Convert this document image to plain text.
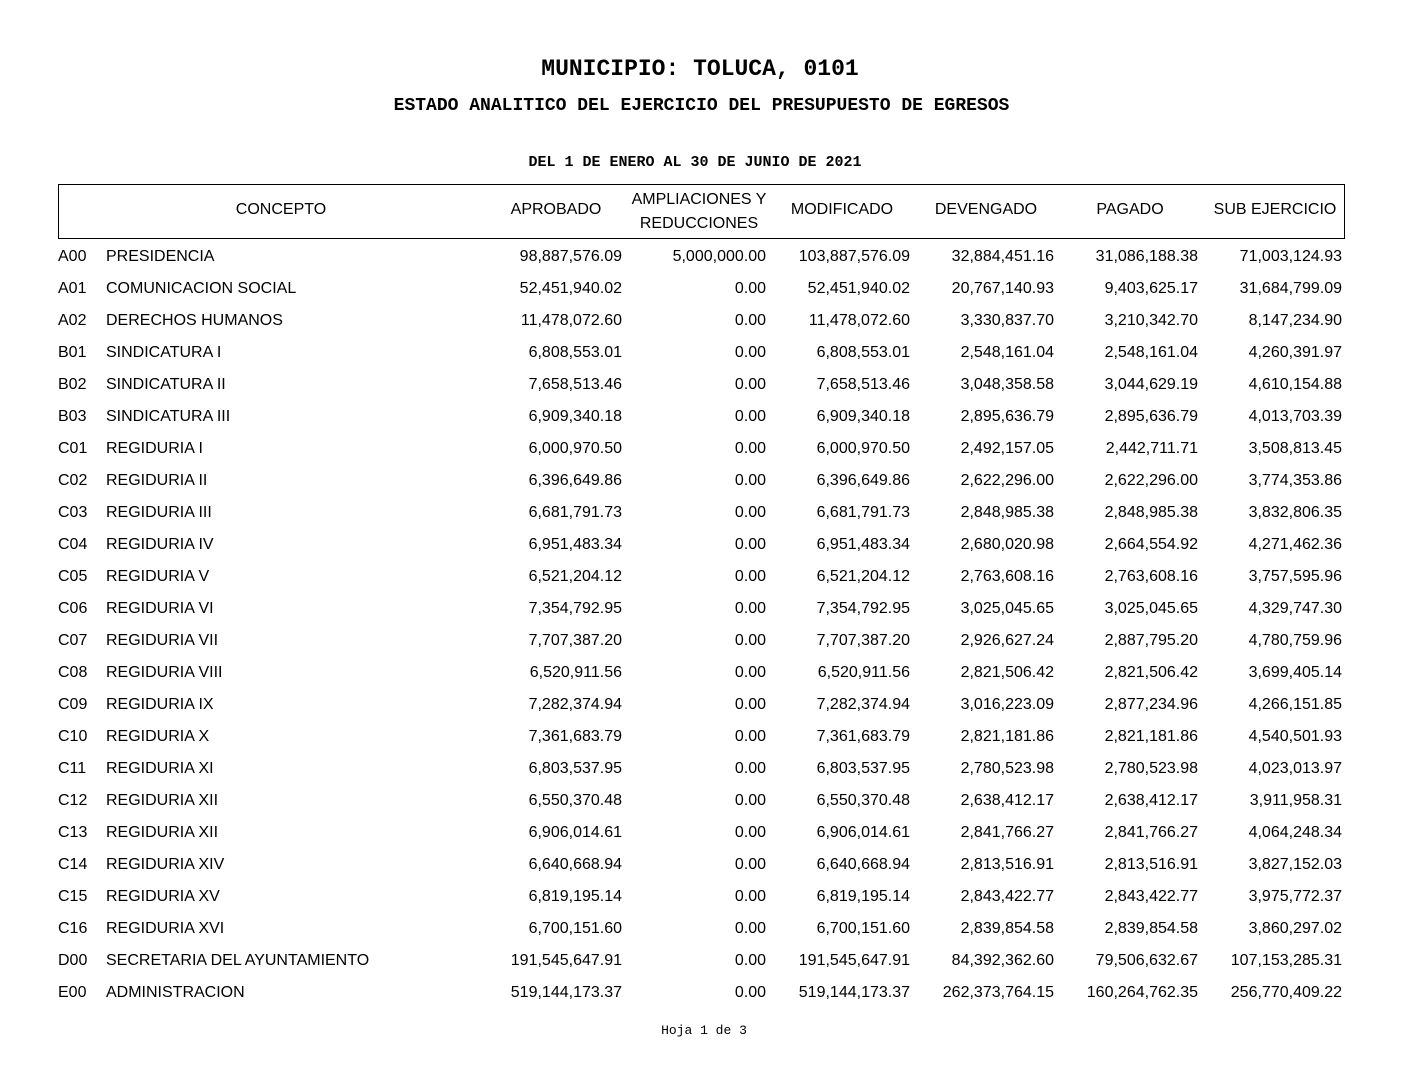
MUNICIPIO: TOLUCA, 0101
ESTADO ANALITICO DEL EJERCICIO DEL PRESUPUESTO DE EGRESOS
DEL 1 DE ENERO AL 30 DE JUNIO DE 2021
CONCEPTO	APROBADO
AMPLIACIONES Y
REDUCCIONES
MODIFICADO	DEVENGADO	PAGADO	SUB EJERCICIO
A00 PRESIDENCIA	98,887,576.09	5,000,000.00 103,887,576.09	32,884,451.16	31,086,188.38	71,003,124.93
A01 COMUNICACION SOCIAL	52,451,940.02	0.00	52,451,940.02	20,767,140.93	9,403,625.17	31,684,799.09
A02 DERECHOS HUMANOS	11,478,072.60	0.00	11,478,072.60	3,330,837.70	3,210,342.70	8,147,234.90
B01 SINDICATURA I	6,808,553.01	0.00	6,808,553.01	2,548,161.04	2,548,161.04	4,260,391.97
B02 SINDICATURA II	7,658,513.46	0.00	7,658,513.46	3,048,358.58	3,044,629.19	4,610,154.88
B03 SINDICATURA III	6,909,340.18	0.00	6,909,340.18	2,895,636.79	2,895,636.79	4,013,703.39
C01 REGIDURIA I	6,000,970.50	0.00	6,000,970.50	2,492,157.05	2,442,711.71	3,508,813.45
C02 REGIDURIA II	6,396,649.86	0.00	6,396,649.86	2,622,296.00	2,622,296.00	3,774,353.86
C03 REGIDURIA III	6,681,791.73	0.00	6,681,791.73	2,848,985.38	2,848,985.38	3,832,806.35
C04 REGIDURIA IV	6,951,483.34	0.00	6,951,483.34	2,680,020.98	2,664,554.92	4,271,462.36
C05 REGIDURIA V	6,521,204.12	0.00	6,521,204.12	2,763,608.16	2,763,608.16	3,757,595.96
C06 REGIDURIA VI	7,354,792.95	0.00	7,354,792.95	3,025,045.65	3,025,045.65	4,329,747.30
C07 REGIDURIA VII	7,707,387.20	0.00	7,707,387.20	2,926,627.24	2,887,795.20	4,780,759.96
C08 REGIDURIA VIII	6,520,911.56	0.00	6,520,911.56	2,821,506.42	2,821,506.42	3,699,405.14
C09 REGIDURIA IX	7,282,374.94	0.00	7,282,374.94	3,016,223.09	2,877,234.96	4,266,151.85
C10 REGIDURIA X	7,361,683.79	0.00	7,361,683.79	2,821,181.86	2,821,181.86	4,540,501.93
C11 REGIDURIA XI	6,803,537.95	0.00	6,803,537.95	2,780,523.98	2,780,523.98	4,023,013.97
C12 REGIDURIA XII	6,550,370.48	0.00	6,550,370.48	2,638,412.17	2,638,412.17	3,911,958.31
C13 REGIDURIA XII	6,906,014.61	0.00	6,906,014.61	2,841,766.27	2,841,766.27	4,064,248.34
C14 REGIDURIA XIV	6,640,668.94	0.00	6,640,668.94	2,813,516.91	2,813,516.91	3,827,152.03
C15 REGIDURIA XV	6,819,195.14	0.00	6,819,195.14	2,843,422.77	2,843,422.77	3,975,772.37
C16 REGIDURIA XVI	6,700,151.60	0.00	6,700,151.60	2,839,854.58	2,839,854.58	3,860,297.02
D00 SECRETARIA DEL AYUNTAMIENTO	191,545,647.91	0.00 191,545,647.91	84,392,362.60	79,506,632.67 107,153,285.31
E00 ADMINISTRACION	519,144,173.37	0.00 519,144,173.37 262,373,764.15 160,264,762.35 256,770,409.22
Hoja 1 de 3
